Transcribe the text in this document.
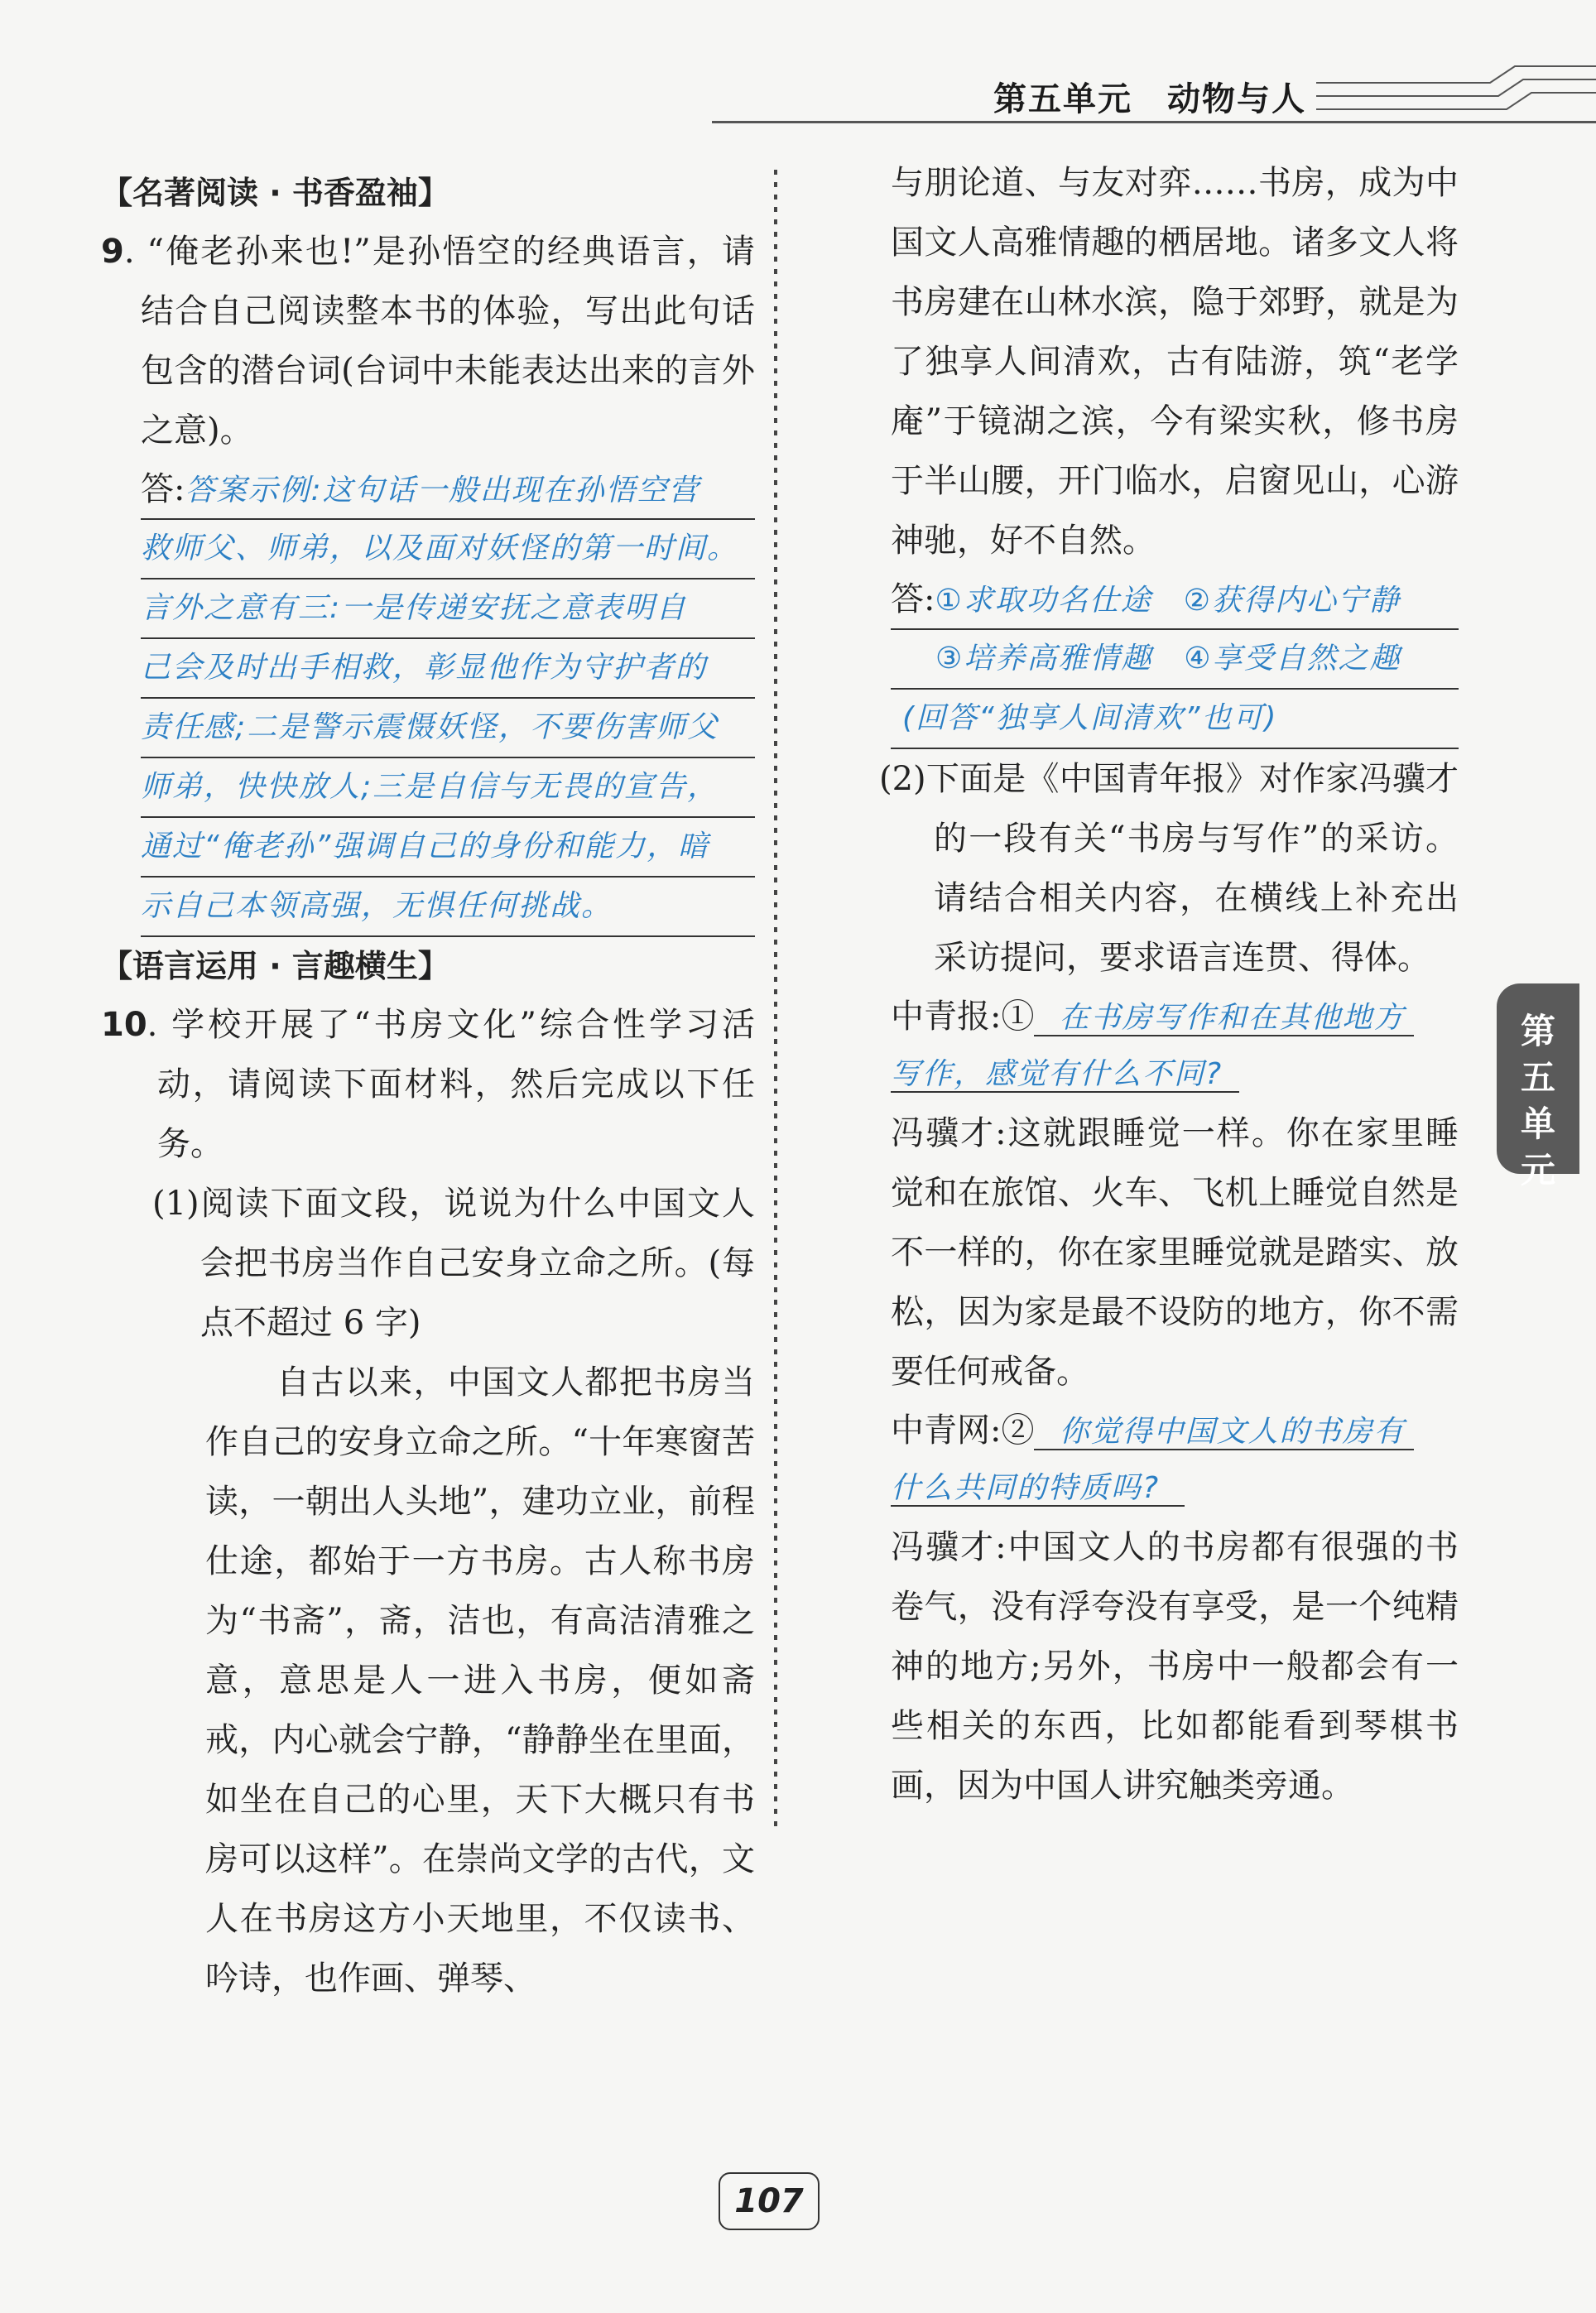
第五单元　动物与人

【名著阅读 · 书香盈袖】

9. “俺老孙来也!”是孙悟空的经典语言，请结合自己阅读整本书的体验，写出此句话包含的潜台词(台词中未能表达出来的言外之意)。

答:答案示例:这句话一般出现在孙悟空营
救师父、师弟，以及面对妖怪的第一时间。
言外之意有三:一是传递安抚之意表明自
己会及时出手相救，彰显他作为守护者的
责任感;二是警示震慑妖怪，不要伤害师父
师弟，快快放人;三是自信与无畏的宣告，
通过“俺老孙”强调自己的身份和能力，暗
示自己本领高强，无惧任何挑战。

【语言运用 · 言趣横生】

10. 学校开展了“书房文化”综合性学习活动，请阅读下面材料，然后完成以下任务。

(1)阅读下面文段，说说为什么中国文人会把书房当作自己安身立命之所。(每点不超过 6 字)

自古以来，中国文人都把书房当作自己的安身立命之所。“十年寒窗苦读，一朝出人头地”，建功立业，前程仕途，都始于一方书房。古人称书房为“书斋”，斋，洁也，有高洁清雅之意，意思是人一进入书房，便如斋戒，内心就会宁静，“静静坐在里面，如坐在自己的心里，天下大概只有书房可以这样”。在崇尚文学的古代，文人在书房这方小天地里，不仅读书、吟诗，也作画、弹琴、

与朋论道、与友对弈……书房，成为中国文人高雅情趣的栖居地。诸多文人将书房建在山林水滨，隐于郊野，就是为了独享人间清欢，古有陆游，筑“老学庵”于镜湖之滨，今有梁实秋，修书房于半山腰，开门临水，启窗见山，心游神驰，好不自然。

答:①求取功名仕途　②获得内心宁静
③培养高雅情趣　④享受自然之趣
(回答“独享人间清欢”也可)

(2)下面是《中国青年报》对作家冯骥才的一段有关“书房与写作”的采访。请结合相关内容，在横线上补充出采访提问，要求语言连贯、得体。

中青报:① 在书房写作和在其他地方
写作，感觉有什么不同?

冯骥才:这就跟睡觉一样。你在家里睡觉和在旅馆、火车、飞机上睡觉自然是不一样的，你在家里睡觉就是踏实、放松，因为家是最不设防的地方，你不需要任何戒备。

中青网:② 你觉得中国文人的书房有
什么共同的特质吗?

冯骥才:中国文人的书房都有很强的书卷气，没有浮夸没有享受，是一个纯精神的地方;另外，书房中一般都会有一些相关的东西，比如都能看到琴棋书画，因为中国人讲究触类旁通。

第
五
单
元
107
